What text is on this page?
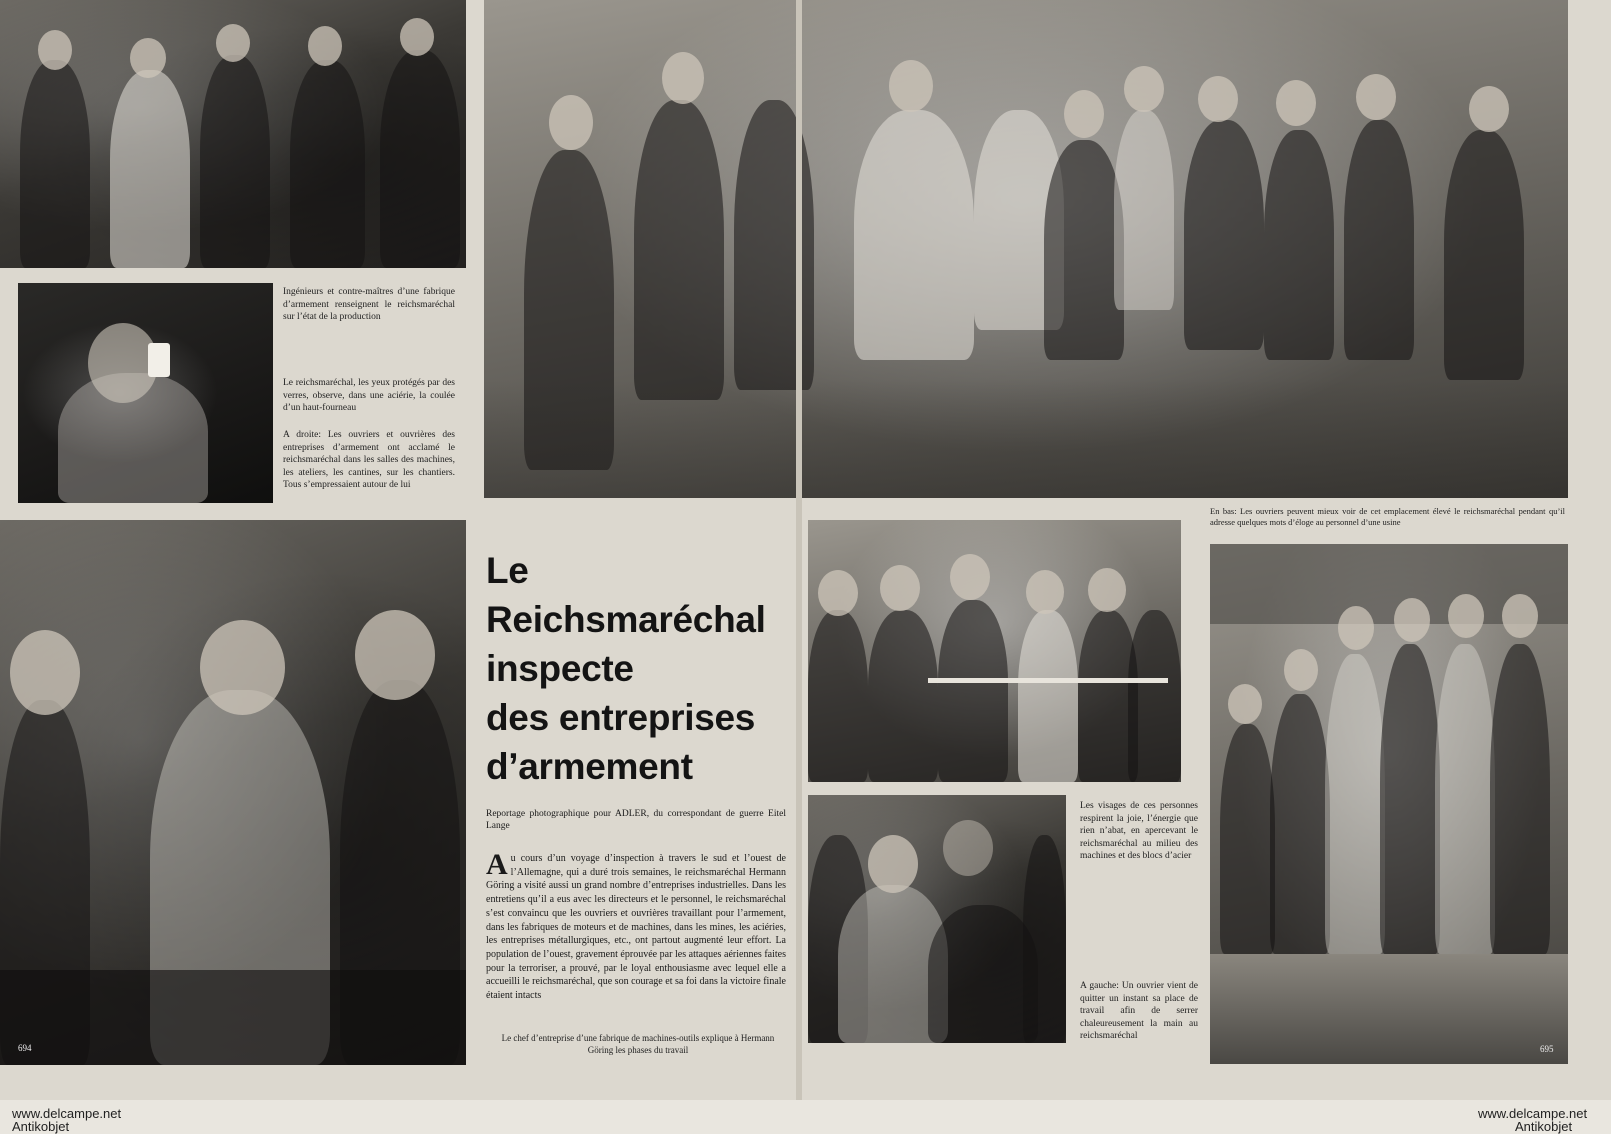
Ingénieurs et contre-maîtres d’une fabrique d’armement renseignent le reichsmaréchal sur l’état de la production
Le reichsmaréchal, les yeux protégés par des verres, observe, dans une aciérie, la coulée d’un haut-fourneau
A droite: Les ouvriers et ouvrières des entreprises d’armement ont acclamé le reichsmaréchal dans les salles des machines, les ateliers, les cantines, sur les chantiers. Tous s’empressaient autour de lui
694
Le
Reichsmaréchal
inspecte
des entreprises
d’armement
Reportage photographique pour ADLER, du correspondant de guerre Eitel Lange
Au cours d’un voyage d’inspection à travers le sud et l’ouest de l’Allemagne, qui a duré trois semaines, le reichsmaréchal Hermann Göring a visité aussi un grand nombre d’entreprises industrielles. Dans les entretiens qu’il a eus avec les directeurs et le personnel, le reichsmaréchal s’est convaincu que les ouvriers et ouvrières travaillant pour l’armement, dans les fabriques de moteurs et de machines, dans les mines, les aciéries, les entreprises métallurgiques, etc., ont partout augmenté leur effort. La population de l’ouest, gravement éprouvée par les attaques aériennes faites pour la terroriser, a prouvé, par le loyal enthousiasme avec lequel elle a accueilli le reichsmaréchal, que son courage et sa foi dans la victoire finale étaient intacts
Le chef d’entreprise d’une fabrique de machines-outils explique à Hermann Göring les phases du travail
En bas: Les ouvriers peuvent mieux voir de cet emplacement élevé le reichsmaréchal pendant qu’il adresse quelques mots d’éloge au personnel d’une usine
Les visages de ces personnes respirent la joie, l’énergie que rien n’abat, en apercevant le reichsmaréchal au milieu des machines et des blocs d’acier
A gauche: Un ouvrier vient de quitter un instant sa place de travail afin de serrer chaleureusement la main au reichsmaréchal
695
www.delcampe.net
Antikobjet
www.delcampe.net
Antikobjet
